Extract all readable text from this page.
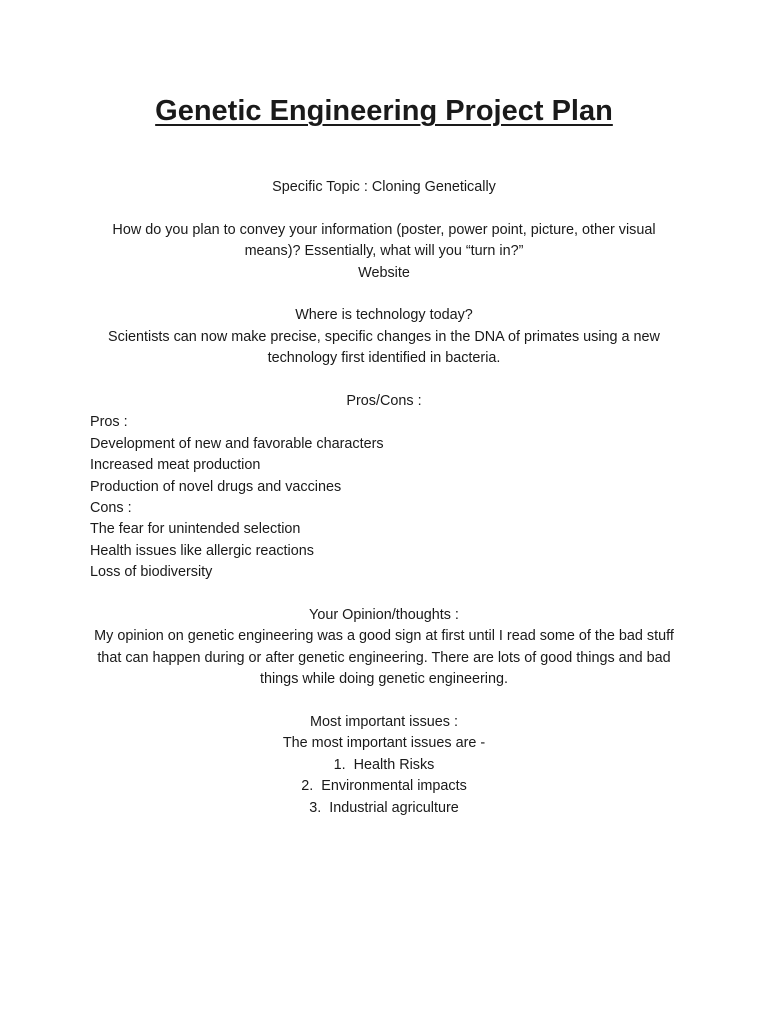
Genetic Engineering Project Plan

Specific Topic : Cloning Genetically

How do you plan to convey your information (poster, power point, picture, other visual means)? Essentially, what will you “turn in?”

Website

Where is technology today?

Scientists can now make precise, specific changes in the DNA of primates using a new technology first identified in bacteria.

Pros/Cons :

Pros :

Development of new and favorable characters

Increased meat production

Production of novel drugs and vaccines

Cons :

The fear for unintended selection

Health issues like allergic reactions

Loss of biodiversity

Your Opinion/thoughts :

My opinion on genetic engineering was a good sign at first until I read some of the bad stuff that can happen during or after genetic engineering. There are lots of good things and bad things while doing genetic engineering.

Most important issues :

The most important issues are -

1. Health Risks
2. Environmental impacts
3. Industrial agriculture
